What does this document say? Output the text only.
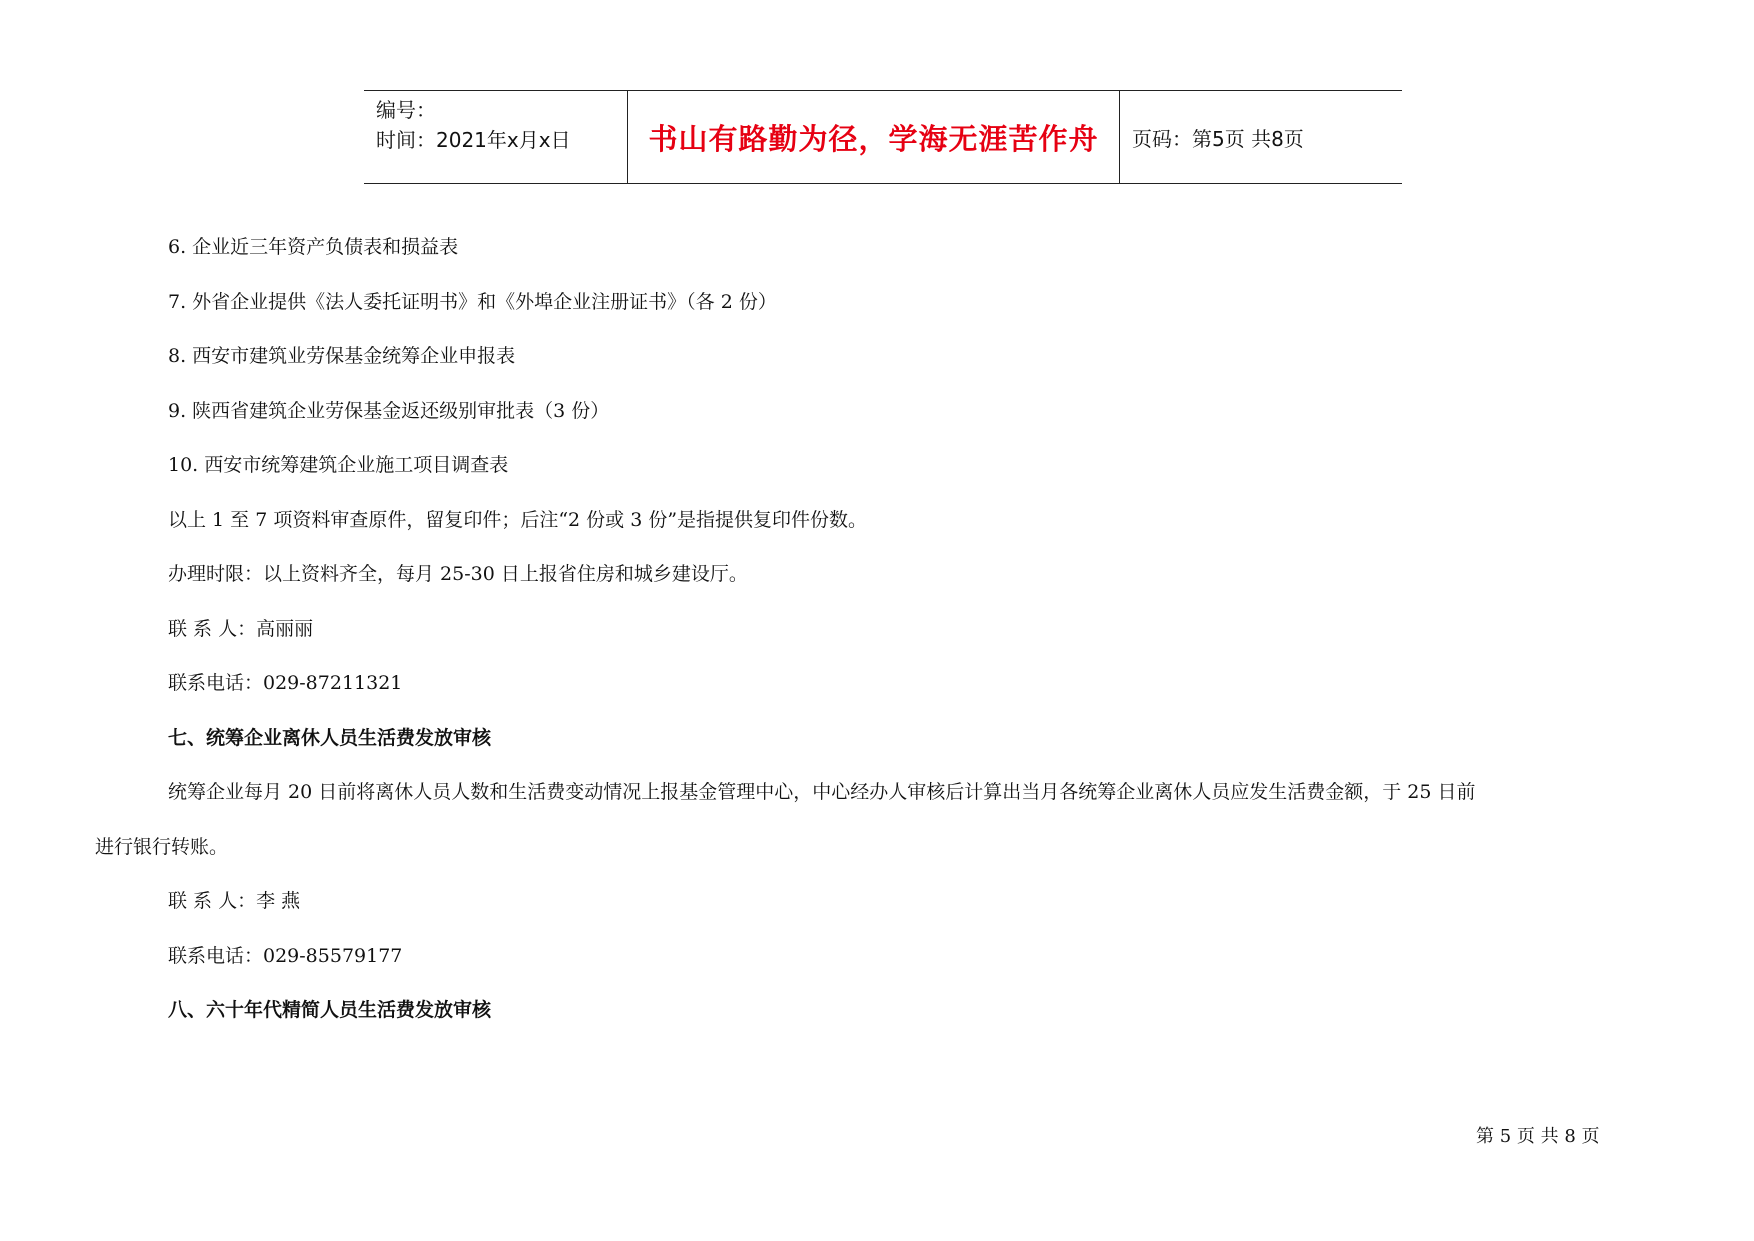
编号：
时间：2021年x月x日	书山有路勤为径，学海无涯苦作舟	页码：第5页 共8页
6. 企业近三年资产负债表和损益表
7. 外省企业提供《法人委托证明书》和《外埠企业注册证书》（各 2 份）
8. 西安市建筑业劳保基金统筹企业申报表
9. 陕西省建筑企业劳保基金返还级别审批表（3 份）
10. 西安市统筹建筑企业施工项目调查表
以上 1 至 7 项资料审查原件，留复印件；后注“2 份或 3 份”是指提供复印件份数。
办理时限：以上资料齐全，每月 25-30 日上报省住房和城乡建设厅。
联 系 人：高丽丽
联系电话：029-87211321
七、统筹企业离休人员生活费发放审核
统筹企业每月 20 日前将离休人员人数和生活费变动情况上报基金管理中心，中心经办人审核后计算出当月各统筹企业离休人员应发生活费金额，于 25 日前
进行银行转账。
联 系 人：李 燕
联系电话：029-85579177
八、六十年代精简人员生活费发放审核
第 5 页 共 8 页
